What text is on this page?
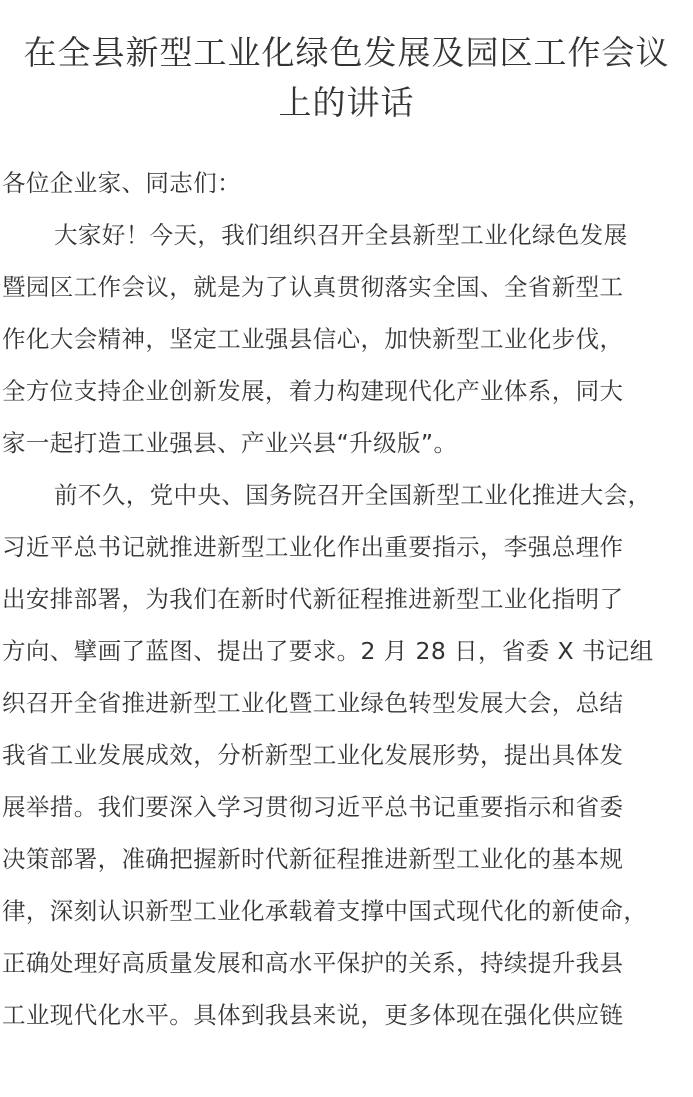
在全县新型工业化绿色发展及园区工作会议
上的讲话
各位企业家、同志们：
大家好！今天，我们组织召开全县新型工业化绿色发展
暨园区工作会议，就是为了认真贯彻落实全国、全省新型工
作化大会精神，坚定工业强县信心，加快新型工业化步伐，
全方位支持企业创新发展，着力构建现代化产业体系，同大
家一起打造工业强县、产业兴县“升级版”。
前不久，党中央、国务院召开全国新型工业化推进大会，
习近平总书记就推进新型工业化作出重要指示，李强总理作
出安排部署，为我们在新时代新征程推进新型工业化指明了
方向、擘画了蓝图、提出了要求。2 月 28 日，省委 X 书记组
织召开全省推进新型工业化暨工业绿色转型发展大会，总结
我省工业发展成效，分析新型工业化发展形势，提出具体发
展举措。我们要深入学习贯彻习近平总书记重要指示和省委
决策部署，准确把握新时代新征程推进新型工业化的基本规
律，深刻认识新型工业化承载着支撑中国式现代化的新使命，
正确处理好高质量发展和高水平保护的关系，持续提升我县
工业现代化水平。具体到我县来说，更多体现在强化供应链
